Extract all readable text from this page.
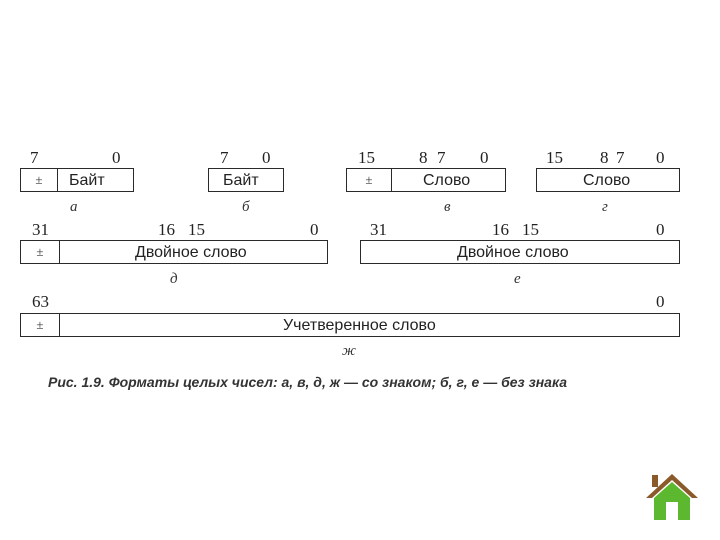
7	0
±	Байт
а
7 0
Байт
б
15	8 7 0
±	Слово
в
15 8 7 0
Слово
г
31	16 15	0
±	Двойное слово
д
31	16 15	0
Двойное слово
е
63	0
±	Учетверенное слово
ж
Рис. 1.9. Форматы целых чисел: а, в, д, ж — со знаком; б, г, е — без знака
